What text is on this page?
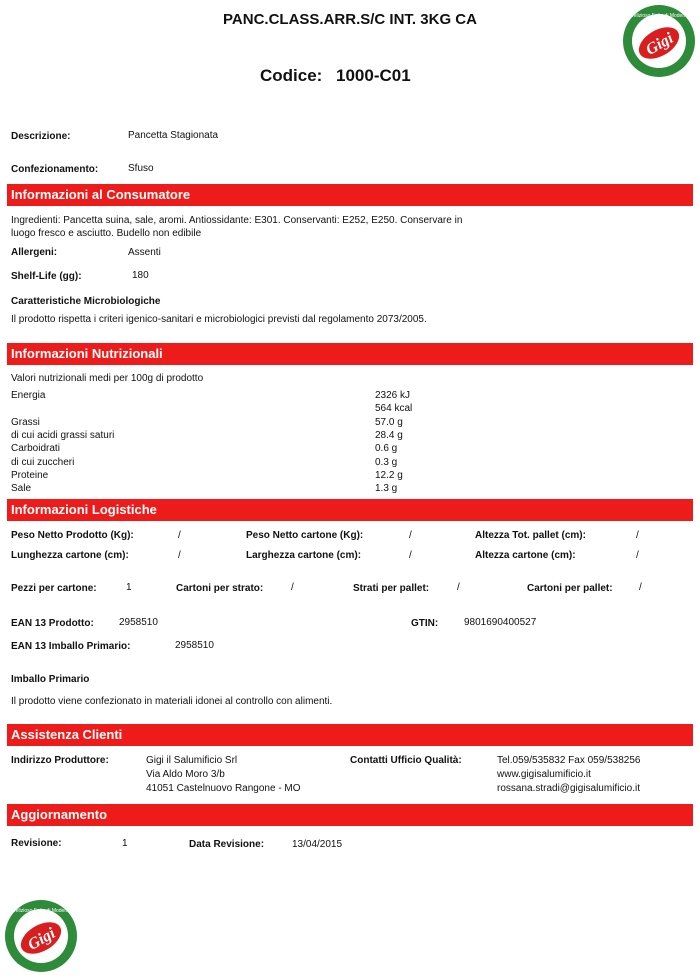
PANC.CLASS.ARR.S/C INT. 3KG CA
Codice: 1000-C01
Gigi
Delizioso Fatto di Modena
Descrizione:	Pancetta Stagionata
Confezionamento:	Sfuso
Informazioni al Consumatore
Ingredienti: Pancetta suina, sale, aromi. Antiossidante: E301. Conservanti: E252, E250. Conservare in
luogo fresco e asciutto. Budello non edibile
Allergeni:	Assenti
Shelf-Life (gg):	180
Caratteristiche Microbiologiche
Il prodotto rispetta i criteri igenico-sanitari e microbiologici previsti dal regolamento 2073/2005.
Informazioni Nutrizionali
Valori nutrizionali medi per 100g di prodotto
Energia	2326 kJ
564 kcal
Grassi	57.0 g
di cui acidi grassi saturi	28.4 g
Carboidrati	0.6 g
di cui zuccheri	0.3 g
Proteine	12.2 g
Sale	1.3 g
Informazioni Logistiche
Peso Netto Prodotto (Kg):	/	Peso Netto cartone (Kg):	/	Altezza Tot. pallet (cm):	/
Lunghezza cartone (cm):	/	Larghezza cartone (cm):	/	Altezza cartone (cm):	/
Pezzi per cartone:	1	Cartoni per strato:	/	Strati per pallet:	/	Cartoni per pallet:	/
EAN 13 Prodotto:	2958510	GTIN:	9801690400527
EAN 13 Imballo Primario:	2958510
Imballo Primario
Il prodotto viene confezionato in materiali idonei al controllo con alimenti.
Assistenza Clienti
Indirizzo Produttore:	Gigi il Salumificio Srl
Via Aldo Moro 3/b
41051 Castelnuovo Rangone - MO
Contatti Ufficio Qualità:	Tel.059/535832 Fax 059/538256
www.gigisalumificio.it
rossana.stradi@gigisalumificio.it
Aggiornamento
Revisione:	1	Data Revisione:	13/04/2015
Gigi
Delizioso Fatto di Modena
